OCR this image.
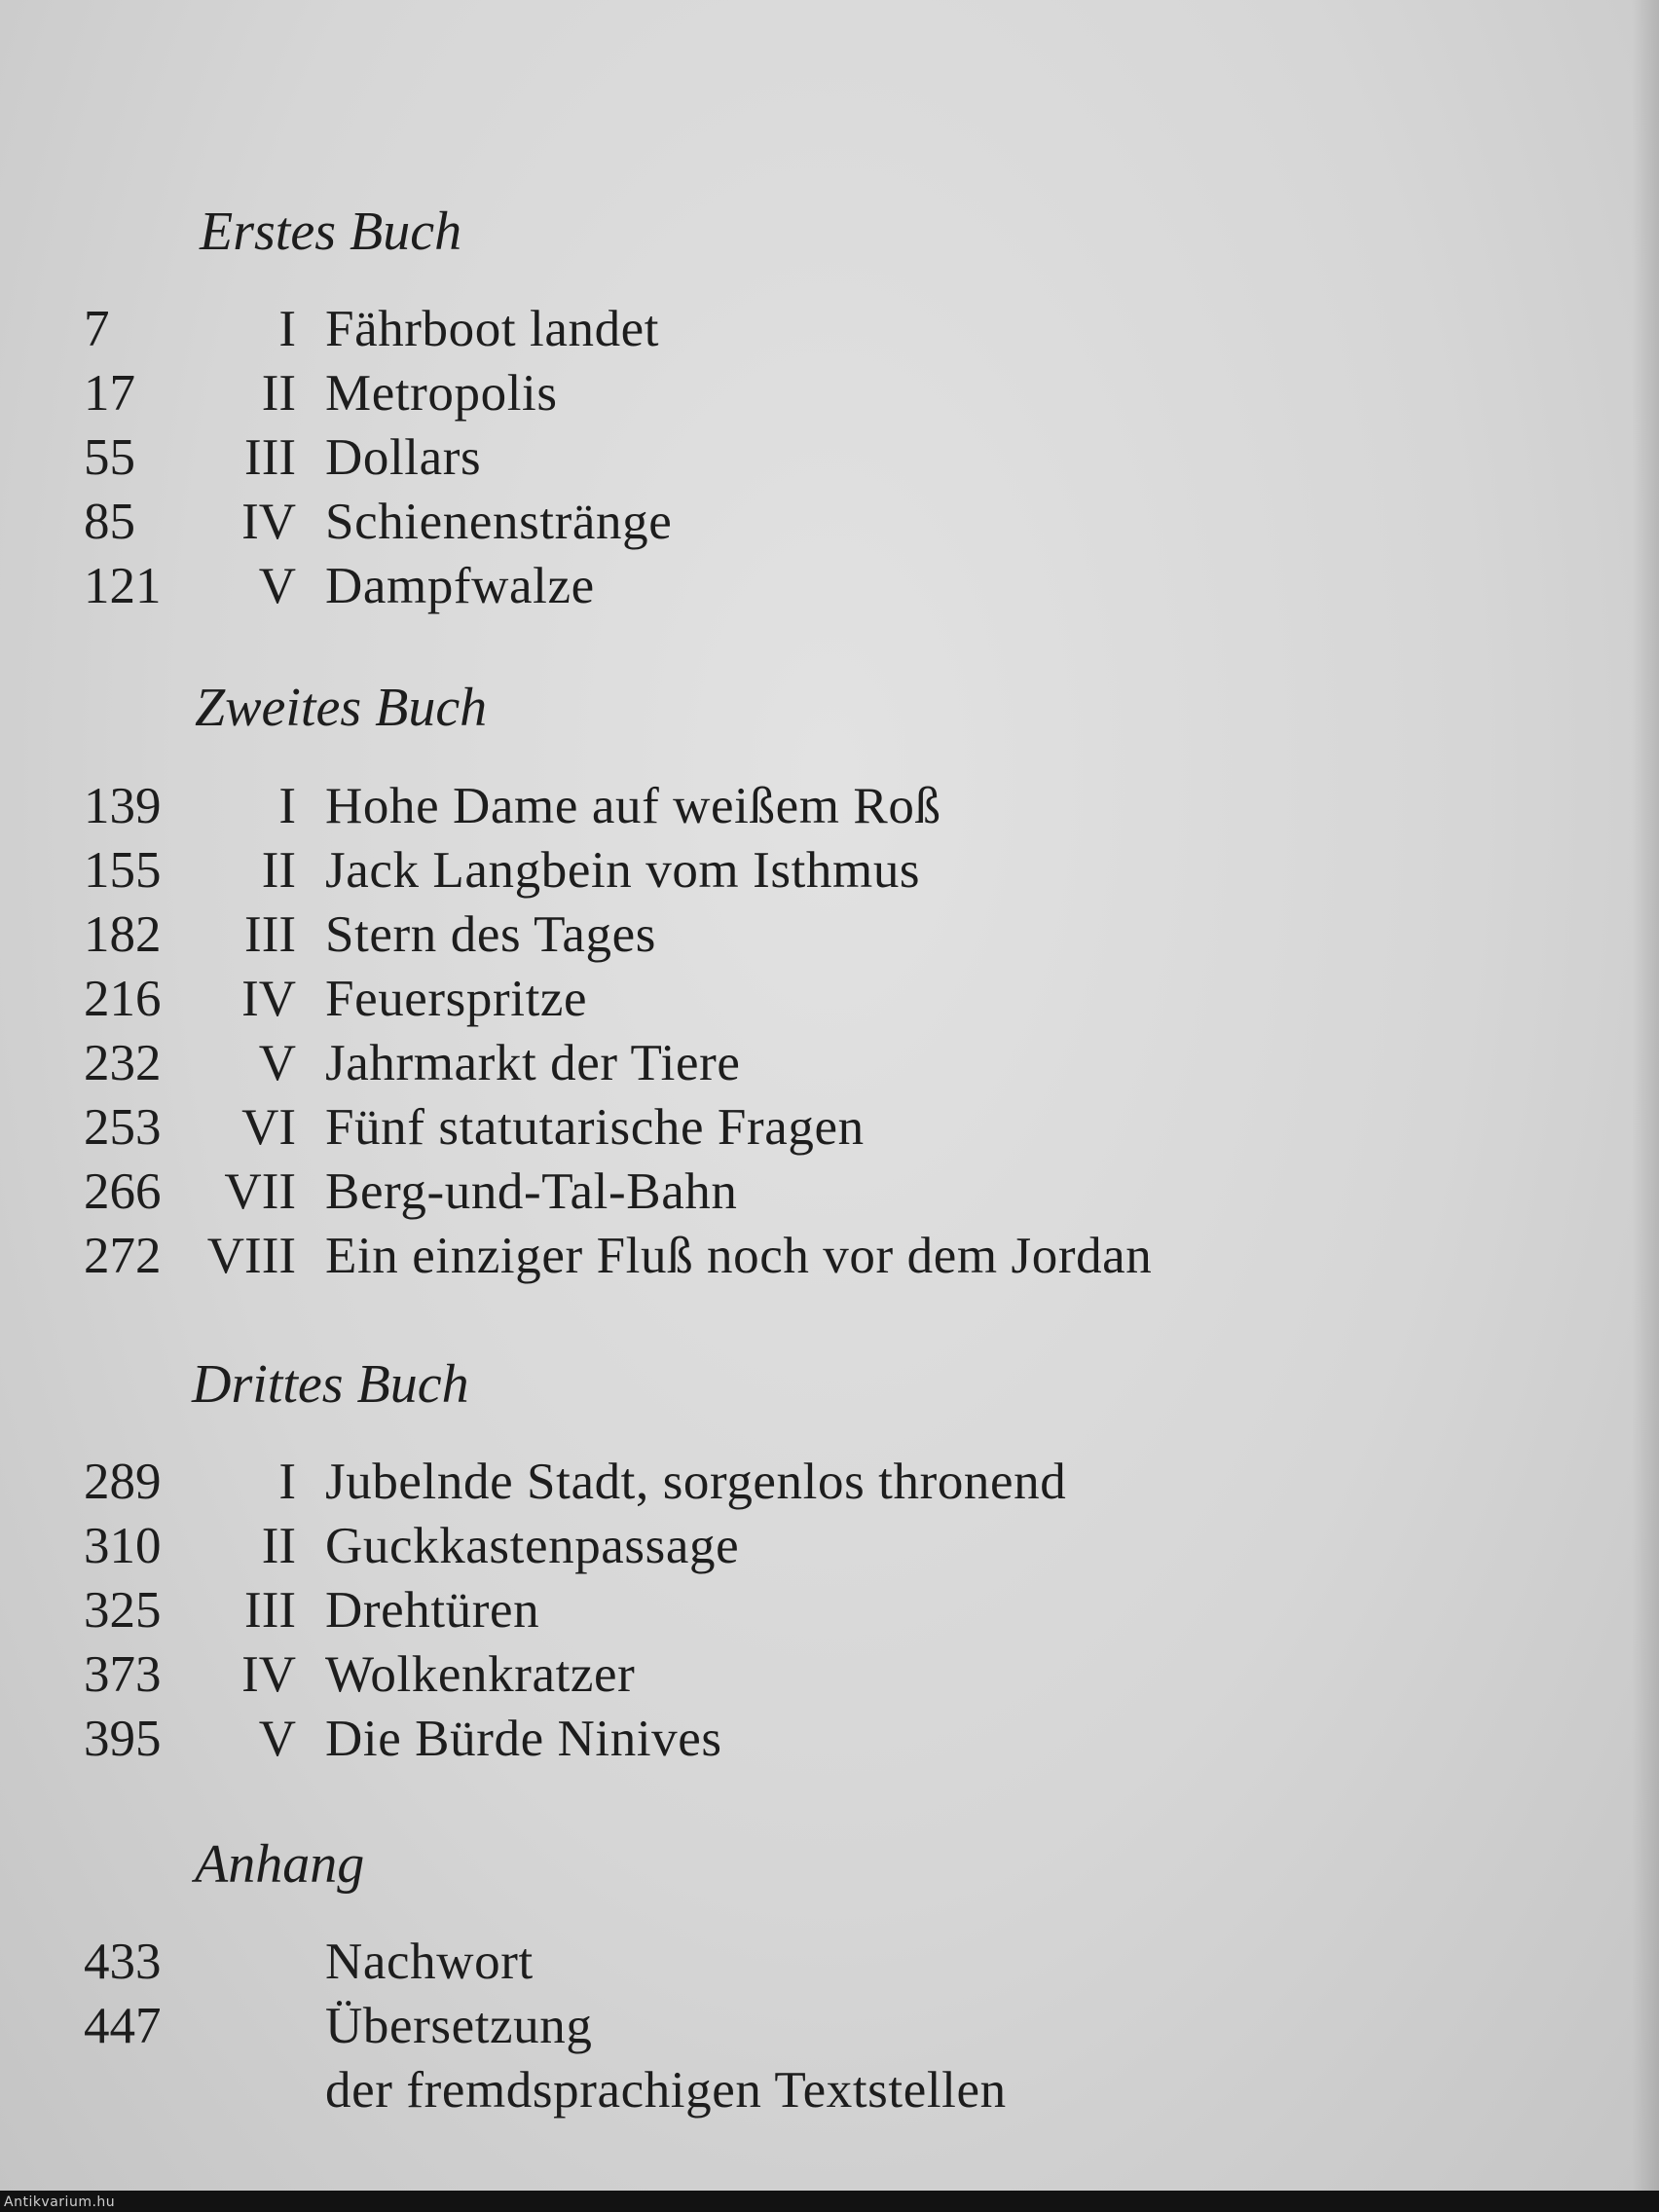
Erstes Buch
7	I Fährboot landet
17 II Metropolis
55 III Dollars
85 IV Schienenstränge
121 V Dampfwalze
Zweites Buch
139 I Hohe Dame auf weißem Roß
155 II Jack Langbein vom Isthmus
182 III Stern des Tages
216 IV Feuerspritze
232 V Jahrmarkt der Tiere
253 VI Fünf statutarische Fragen
266 VII Berg-und-Tal-Bahn
272 VIII Ein einziger Fluß noch vor dem Jordan
Drittes Buch
289 I Jubelnde Stadt, sorgenlos thronend
310 II Guckkastenpassage
325 III Drehtüren
373 IV Wolkenkratzer
395 V Die Bürde Ninives
Anhang
433	Nachwort
447	Übersetzung
der fremdsprachigen Textstellen
Antikvarium.hu
